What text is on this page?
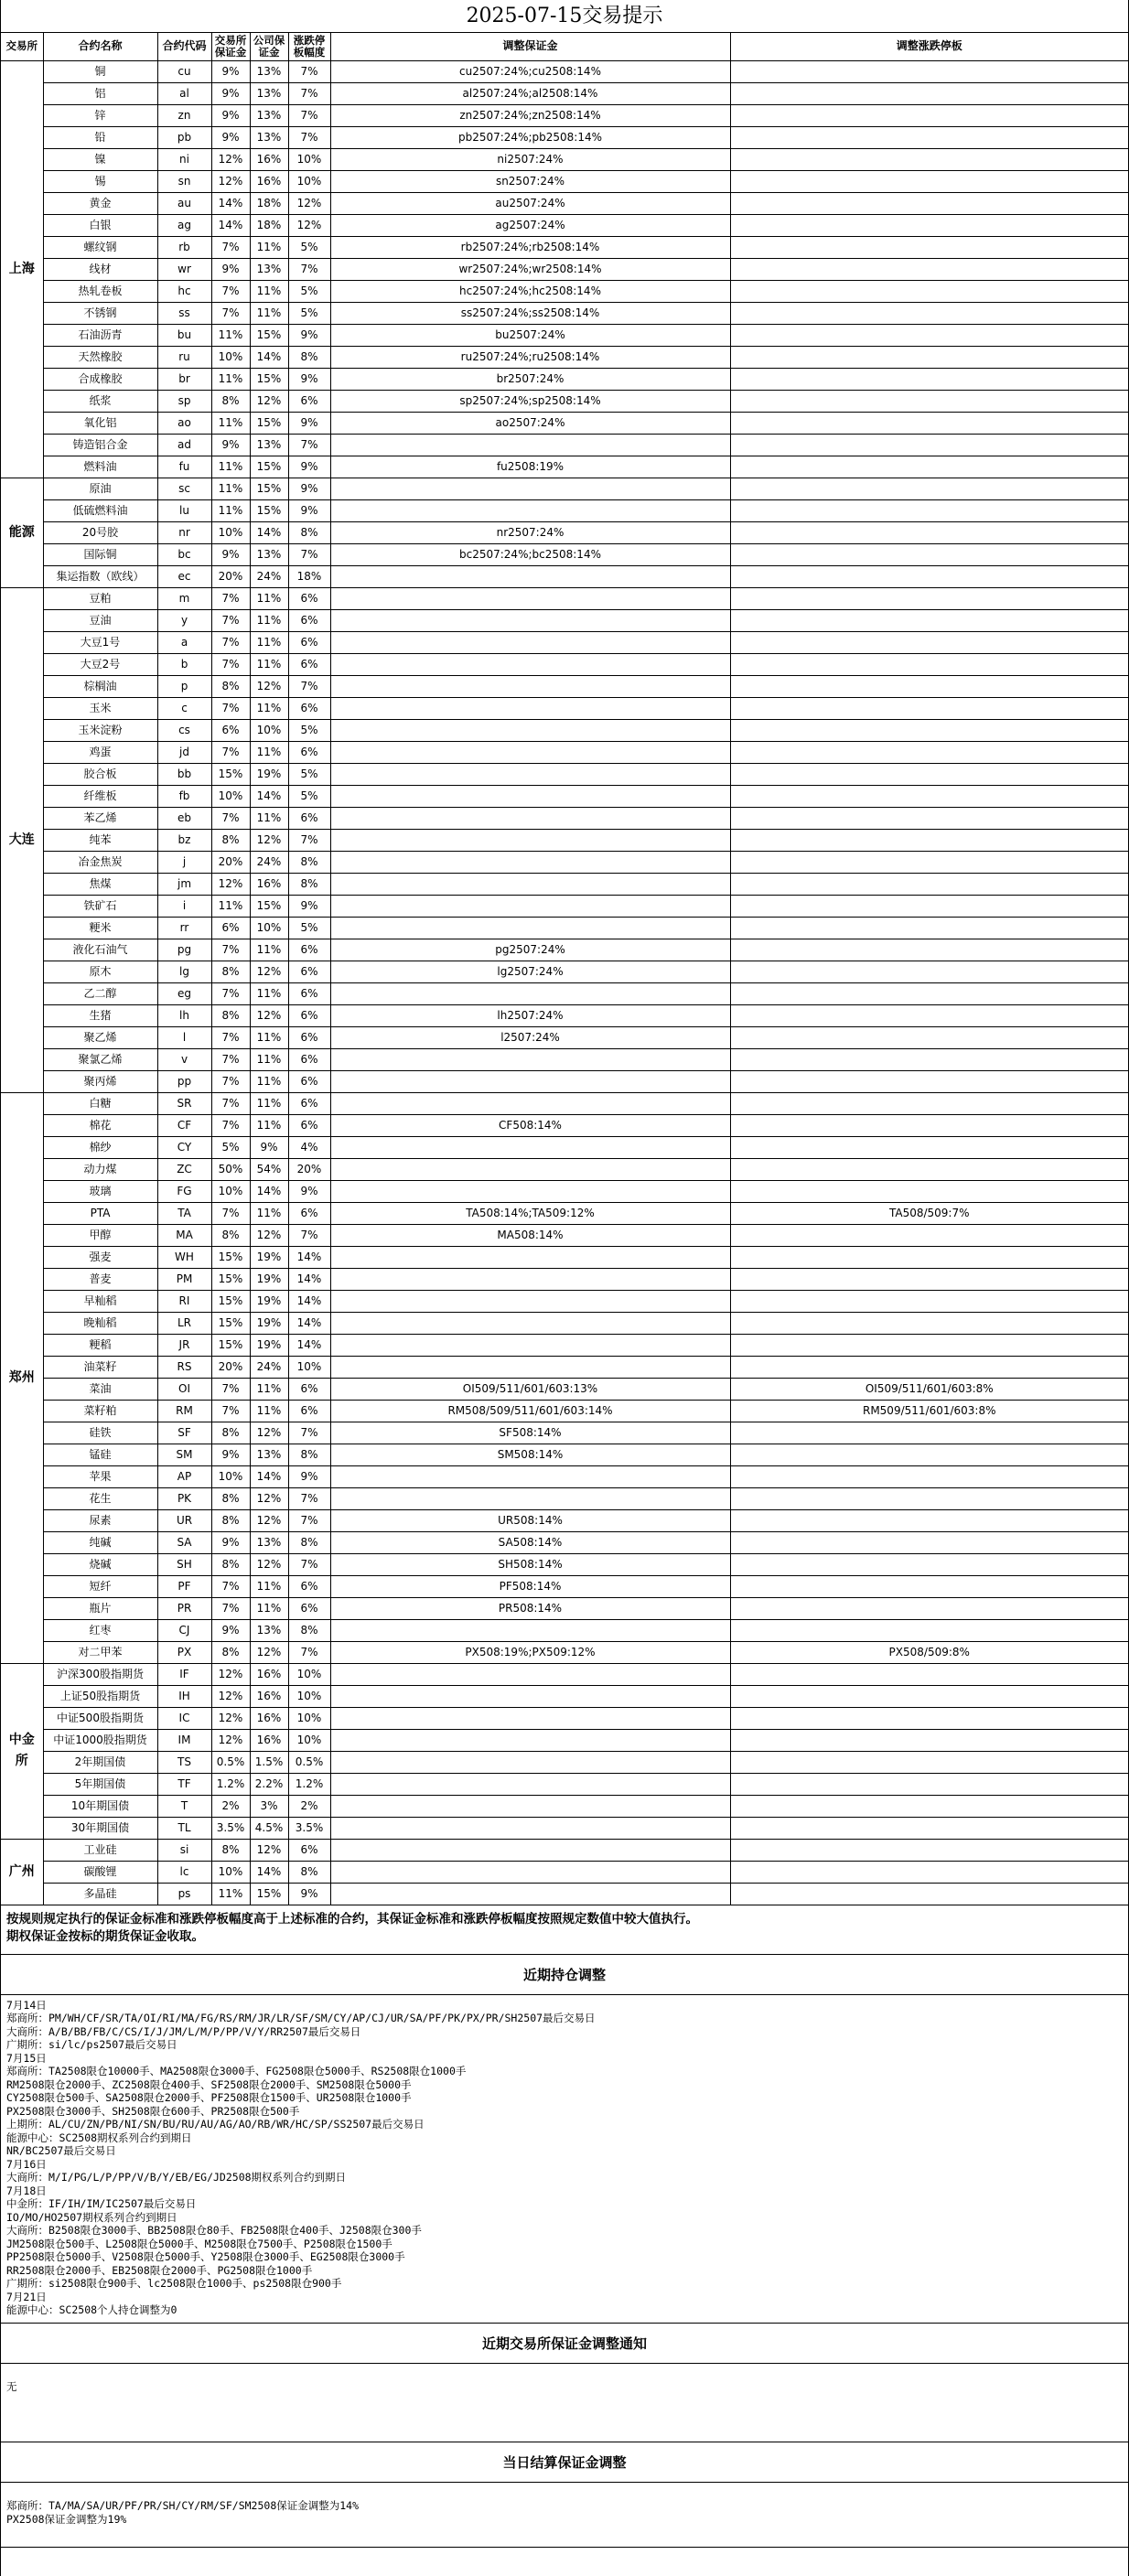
2025-07-15交易提示
交易所	合约名称	合约代码	交易所保证金	公司保证金	涨跌停板幅度	调整保证金	调整涨跌停板
上海	铜	cu	9%	13%	7%	cu2507:24%;cu2508:14%	
	铝	al	9%	13%	7%	al2507:24%;al2508:14%	
	锌	zn	9%	13%	7%	zn2507:24%;zn2508:14%	
	铅	pb	9%	13%	7%	pb2507:24%;pb2508:14%	
	镍	ni	12%	16%	10%	ni2507:24%	
	锡	sn	12%	16%	10%	sn2507:24%	
	黄金	au	14%	18%	12%	au2507:24%	
	白银	ag	14%	18%	12%	ag2507:24%	
	螺纹钢	rb	7%	11%	5%	rb2507:24%;rb2508:14%	
	线材	wr	9%	13%	7%	wr2507:24%;wr2508:14%	
	热轧卷板	hc	7%	11%	5%	hc2507:24%;hc2508:14%	
	不锈钢	ss	7%	11%	5%	ss2507:24%;ss2508:14%	
	石油沥青	bu	11%	15%	9%	bu2507:24%	
	天然橡胶	ru	10%	14%	8%	ru2507:24%;ru2508:14%	
	合成橡胶	br	11%	15%	9%	br2507:24%	
	纸浆	sp	8%	12%	6%	sp2507:24%;sp2508:14%	
	氧化铝	ao	11%	15%	9%	ao2507:24%	
	铸造铝合金	ad	9%	13%	7%		
	燃料油	fu	11%	15%	9%	fu2508:19%	
能源	原油	sc	11%	15%	9%		
	低硫燃料油	lu	11%	15%	9%		
	20号胶	nr	10%	14%	8%	nr2507:24%	
	国际铜	bc	9%	13%	7%	bc2507:24%;bc2508:14%	
	集运指数（欧线）	ec	20%	24%	18%		
大连	豆粕	m	7%	11%	6%		
	豆油	y	7%	11%	6%		
	大豆1号	a	7%	11%	6%		
	大豆2号	b	7%	11%	6%		
	棕榈油	p	8%	12%	7%		
	玉米	c	7%	11%	6%		
	玉米淀粉	cs	6%	10%	5%		
	鸡蛋	jd	7%	11%	6%		
	胶合板	bb	15%	19%	5%		
	纤维板	fb	10%	14%	5%		
	苯乙烯	eb	7%	11%	6%		
	纯苯	bz	8%	12%	7%		
	冶金焦炭	j	20%	24%	8%		
	焦煤	jm	12%	16%	8%		
	铁矿石	i	11%	15%	9%		
	粳米	rr	6%	10%	5%		
	液化石油气	pg	7%	11%	6%	pg2507:24%	
	原木	lg	8%	12%	6%	lg2507:24%	
	乙二醇	eg	7%	11%	6%		
	生猪	lh	8%	12%	6%	lh2507:24%	
	聚乙烯	l	7%	11%	6%	l2507:24%	
	聚氯乙烯	v	7%	11%	6%		
	聚丙烯	pp	7%	11%	6%		
郑州	白糖	SR	7%	11%	6%		
	棉花	CF	7%	11%	6%	CF508:14%	
	棉纱	CY	5%	9%	4%		
	动力煤	ZC	50%	54%	20%		
	玻璃	FG	10%	14%	9%		
	PTA	TA	7%	11%	6%	TA508:14%;TA509:12%	TA508/509:7%
	甲醇	MA	8%	12%	7%	MA508:14%	
	强麦	WH	15%	19%	14%		
	普麦	PM	15%	19%	14%		
	早籼稻	RI	15%	19%	14%		
	晚籼稻	LR	15%	19%	14%		
	粳稻	JR	15%	19%	14%		
	油菜籽	RS	20%	24%	10%		
	菜油	OI	7%	11%	6%	OI509/511/601/603:13%	OI509/511/601/603:8%
	菜籽粕	RM	7%	11%	6%	RM508/509/511/601/603:14%	RM509/511/601/603:8%
	硅铁	SF	8%	12%	7%	SF508:14%	
	锰硅	SM	9%	13%	8%	SM508:14%	
	苹果	AP	10%	14%	9%		
	花生	PK	8%	12%	7%		
	尿素	UR	8%	12%	7%	UR508:14%	
	纯碱	SA	9%	13%	8%	SA508:14%	
	烧碱	SH	8%	12%	7%	SH508:14%	
	短纤	PF	7%	11%	6%	PF508:14%	
	瓶片	PR	7%	11%	6%	PR508:14%	
	红枣	CJ	9%	13%	8%		
	对二甲苯	PX	8%	12%	7%	PX508:19%;PX509:12%	PX508/509:8%
中金所	沪深300股指期货	IF	12%	16%	10%		
	上证50股指期货	IH	12%	16%	10%		
	中证500股指期货	IC	12%	16%	10%		
	中证1000股指期货	IM	12%	16%	10%		
	2年期国债	TS	0.5%	1.5%	0.5%		
	5年期国债	TF	1.2%	2.2%	1.2%		
	10年期国债	T	2%	3%	2%		
	30年期国债	TL	3.5%	4.5%	3.5%		
广州	工业硅	si	8%	12%	6%		
	碳酸锂	lc	10%	14%	8%		
	多晶硅	ps	11%	15%	9%		
按规则规定执行的保证金标准和涨跌停板幅度高于上述标准的合约，其保证金标准和涨跌停板幅度按照规定数值中较大值执行。
期权保证金按标的期货保证金收取。
近期持仓调整
7月14日
郑商所：PM/WH/CF/SR/TA/OI/RI/MA/FG/RS/RM/JR/LR/SF/SM/CY/AP/CJ/UR/SA/PF/PK/PX/PR/SH2507最后交易日
大商所：A/B/BB/FB/C/CS/I/J/JM/L/M/P/PP/V/Y/RR2507最后交易日
广期所：si/lc/ps2507最后交易日
7月15日
郑商所：TA2508限仓10000手、MA2508限仓3000手、FG2508限仓5000手、RS2508限仓1000手
RM2508限仓2000手、ZC2508限仓400手、SF2508限仓2000手、SM2508限仓5000手
CY2508限仓500手、SA2508限仓2000手、PF2508限仓1500手、UR2508限仓1000手
PX2508限仓3000手、SH2508限仓600手、PR2508限仓500手
上期所：AL/CU/ZN/PB/NI/SN/BU/RU/AU/AG/AO/RB/WR/HC/SP/SS2507最后交易日
能源中心：SC2508期权系列合约到期日
NR/BC2507最后交易日
7月16日
大商所：M/I/PG/L/P/PP/V/B/Y/EB/EG/JD2508期权系列合约到期日
7月18日
中金所：IF/IH/IM/IC2507最后交易日
IO/MO/HO2507期权系列合约到期日
大商所：B2508限仓3000手、BB2508限仓80手、FB2508限仓400手、J2508限仓300手
JM2508限仓500手、L2508限仓5000手、M2508限仓7500手、P2508限仓1500手
PP2508限仓5000手、V2508限仓5000手、Y2508限仓3000手、EG2508限仓3000手
RR2508限仓2000手、EB2508限仓2000手、PG2508限仓1000手
广期所：si2508限仓900手、lc2508限仓1000手、ps2508限仓900手
7月21日
能源中心：SC2508个人持仓调整为0
近期交易所保证金调整通知

无
当日结算保证金调整

郑商所：TA/MA/SA/UR/PF/PR/SH/CY/RM/SF/SM2508保证金调整为14%
PX2508保证金调整为19%
